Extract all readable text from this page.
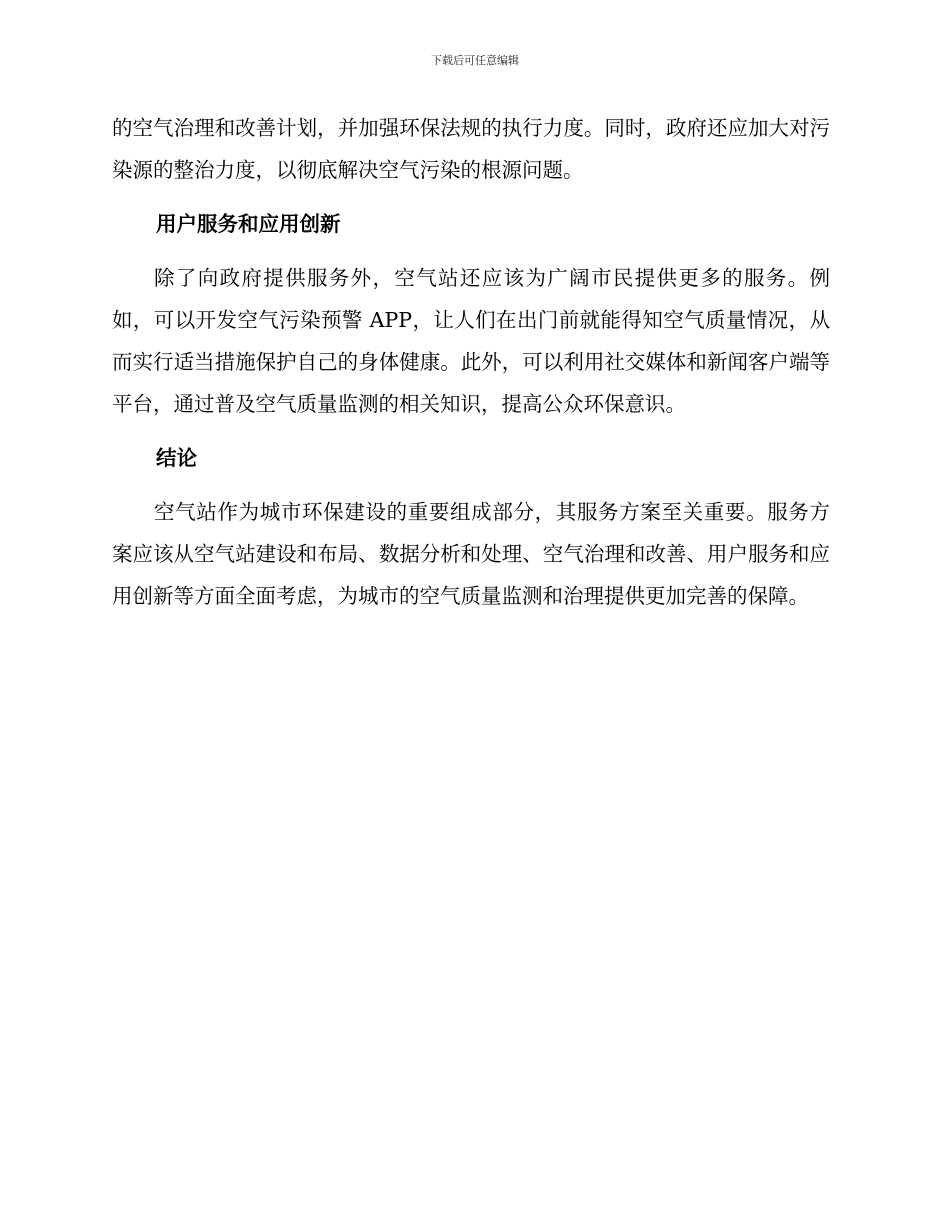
下载后可任意编辑

的空气治理和改善计划，并加强环保法规的执行力度。同时，政府还应加大对污染源的整治力度，以彻底解决空气污染的根源问题。

用户服务和应用创新

除了向政府提供服务外，空气站还应该为广阔市民提供更多的服务。例如，可以开发空气污染预警 APP，让人们在出门前就能得知空气质量情况，从而实行适当措施保护自己的身体健康。此外，可以利用社交媒体和新闻客户端等平台，通过普及空气质量监测的相关知识，提高公众环保意识。

结论

空气站作为城市环保建设的重要组成部分，其服务方案至关重要。服务方案应该从空气站建设和布局、数据分析和处理、空气治理和改善、用户服务和应用创新等方面全面考虑，为城市的空气质量监测和治理提供更加完善的保障。
